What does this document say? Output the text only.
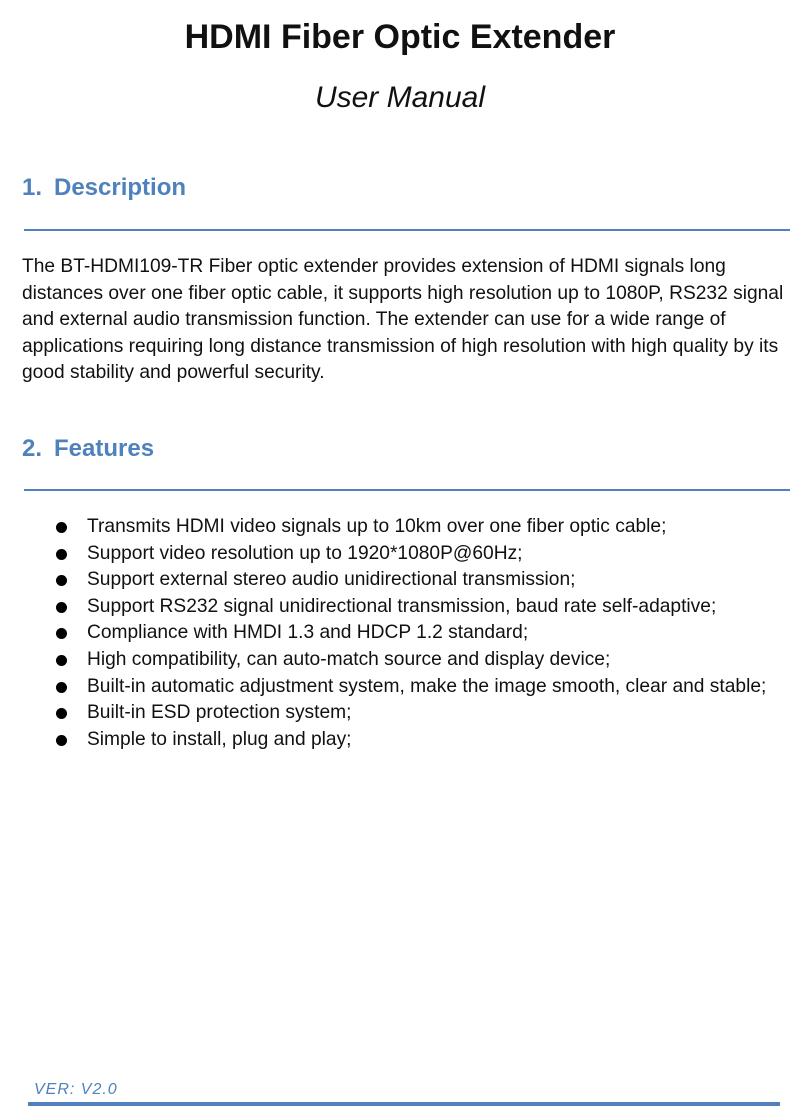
HDMI Fiber Optic Extender
User Manual
1. Description

The BT-HDMI109-TR Fiber optic extender provides extension of HDMI signals long distances over one fiber optic cable, it supports high resolution up to 1080P, RS232 signal and external audio transmission function. The extender can use for a wide range of applications requiring long distance transmission of high resolution with high quality by its good stability and powerful security.

2. Features
Transmits HDMI video signals up to 10km over one fiber optic cable;
Support video resolution up to 1920*1080P@60Hz;
Support external stereo audio unidirectional transmission;
Support RS232 signal unidirectional transmission, baud rate self-adaptive;
Compliance with HMDI 1.3 and HDCP 1.2 standard;
High compatibility, can auto-match source and display device;
Built-in automatic adjustment system, make the image smooth, clear and stable;
Built-in ESD protection system;
Simple to install, plug and play;
VER: V2.0
